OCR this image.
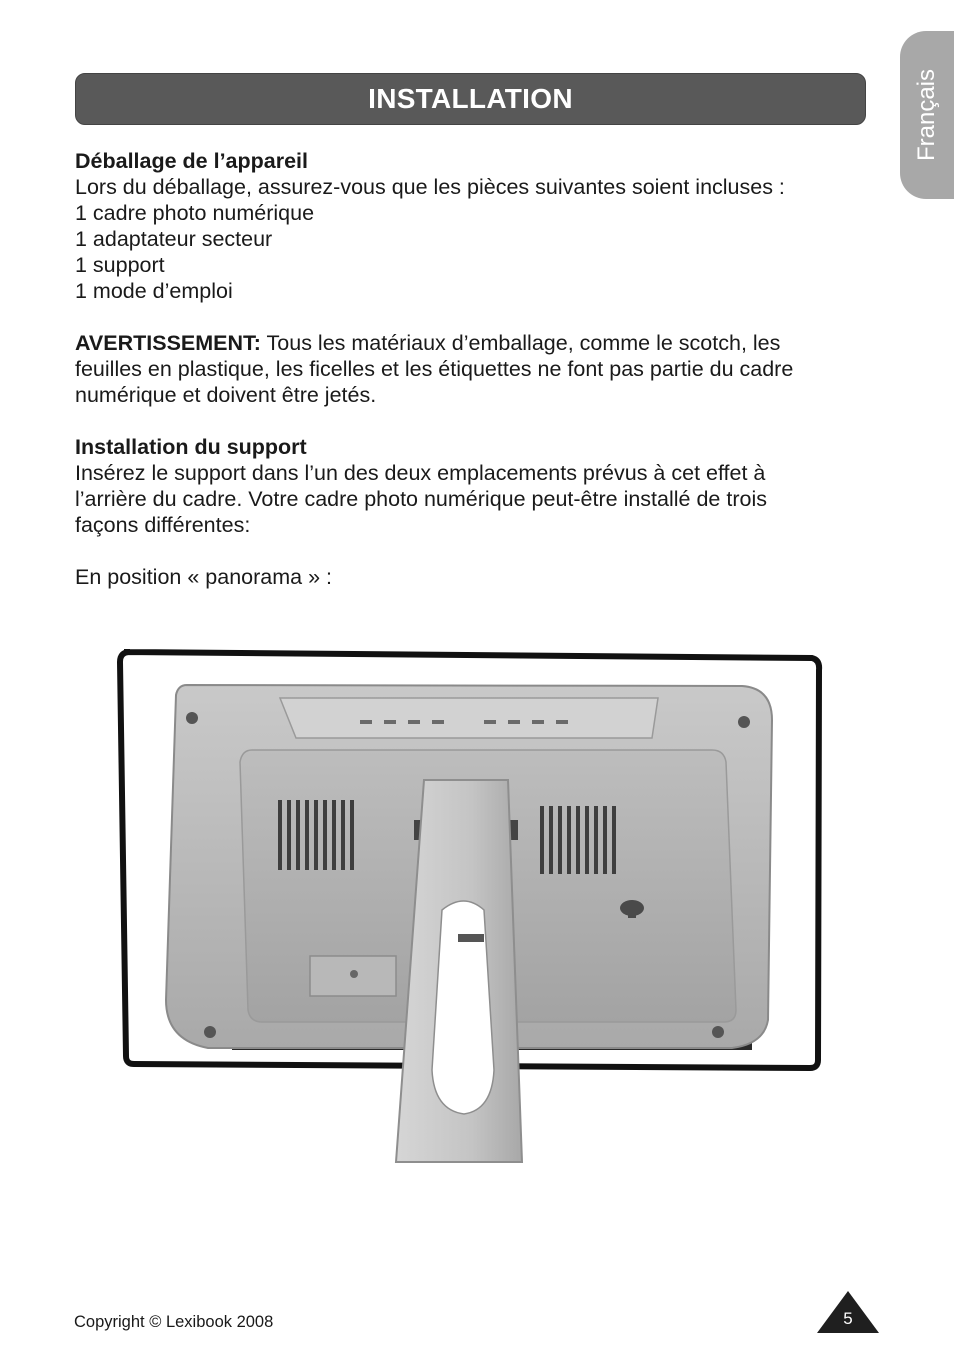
Français
INSTALLATION
Déballage de l’appareil
Lors du déballage, assurez-vous que les pièces suivantes soient incluses :
1 cadre photo numérique
1 adaptateur secteur
1 support
1 mode d’emploi
AVERTISSEMENT: Tous les matériaux d’emballage, comme le scotch, les
feuilles en plastique, les ficelles et les étiquettes ne font pas partie du cadre
numérique et doivent être jetés.
Installation du support
Insérez le support dans l’un des deux emplacements prévus à cet effet à
l’arrière du cadre. Votre cadre photo numérique peut-être installé de trois
façons différentes:
En position « panorama » :
Copyright © Lexibook 2008	5
